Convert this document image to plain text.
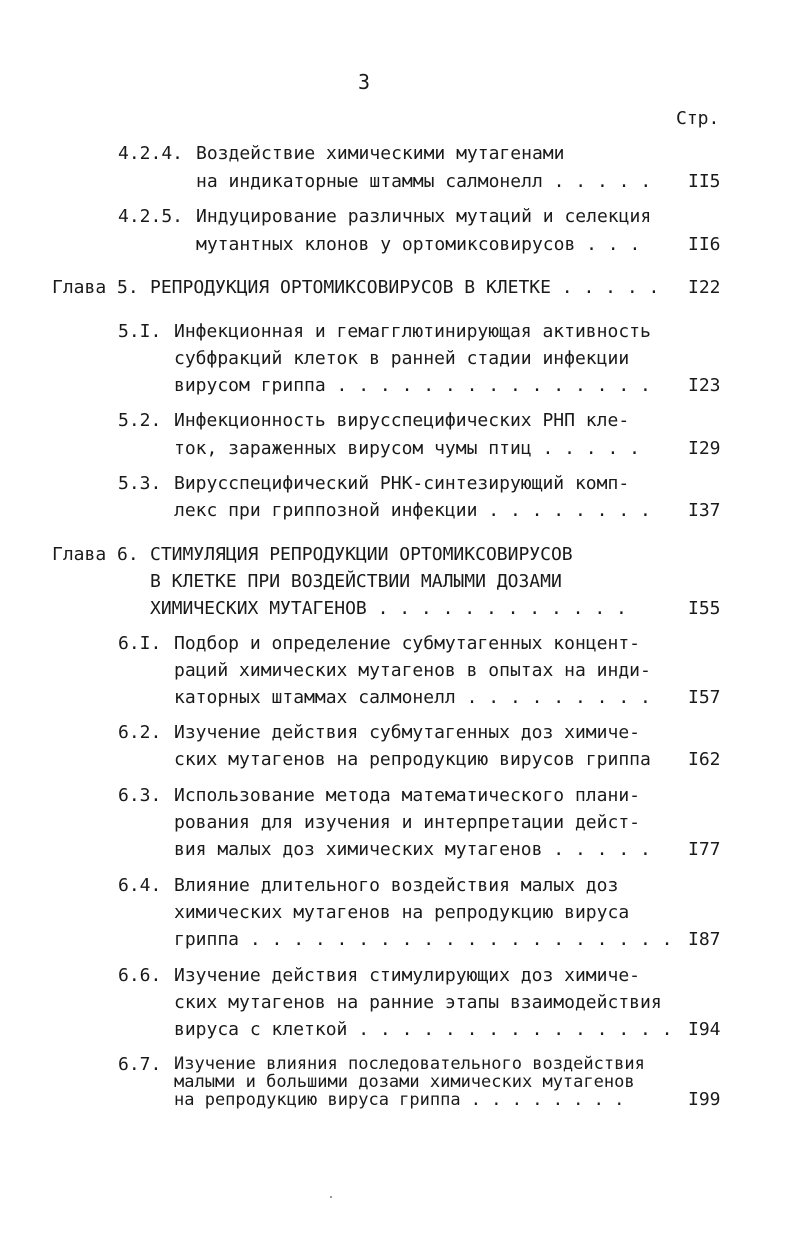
3
Стр.
4.2.4. Воздействие химическими мутагенами
на индикаторные штаммы салмонелл . . . . . II5
4.2.5. Индуцирование различных мутаций и селекция
мутантных клонов у ортомиксовирусов . . .	II6
Глава 5. РЕПРОДУКЦИЯ ОРТОМИКСОВИРУСОВ В КЛЕТКЕ . . . . . I22
5.I. Инфекционная и гемагглютинирующая активность
субфракций клеток в ранней стадии инфекции
вирусом гриппа . . . . . . . . . . . . . . . I23
5.2. Инфекционность вирусспецифических РНП кле-
ток, зараженных вирусом чумы птиц . . . . .	I29
5.3. Вирусспецифический РНК-синтезирующий комп-
лекс при гриппозной инфекции . . . . . . . . I37
Глава 6. СТИМУЛЯЦИЯ РЕПРОДУКЦИИ ОРТОМИКСОВИРУСОВ
В КЛЕТКЕ ПРИ ВОЗДЕЙСТВИИ МАЛЫМИ ДОЗАМИ
ХИМИЧЕСКИХ МУТАГЕНОВ . . . . . . . . . . . .	I55
6.I. Подбор и определение субмутагенных концент-
раций химических мутагенов в опытах на инди-
каторных штаммах салмонелл . . . . . . . . . I57
6.2. Изучение действия субмутагенных доз химиче-
ских мутагенов на репродукцию вирусов гриппа I62
6.3. Использование метода математического плани-
рования для изучения и интерпретации дейст-
вия малых доз химических мутагенов . . . . . I77
6.4. Влияние длительного воздействия малых доз
химических мутагенов на репродукцию вируса
гриппа . . . . . . . . . . . . . . . . . . . . I87
6.6. Изучение действия стимулирующих доз химиче-
ских мутагенов на ранние этапы взаимодействия
вируса с клеткой . . . . . . . . . . . . . . . I94
6.7. Изучение влияния последовательного воздействия
малыми и большими дозами химических мутагенов
на репродукцию вируса гриппа . . . . . . . .	I99
